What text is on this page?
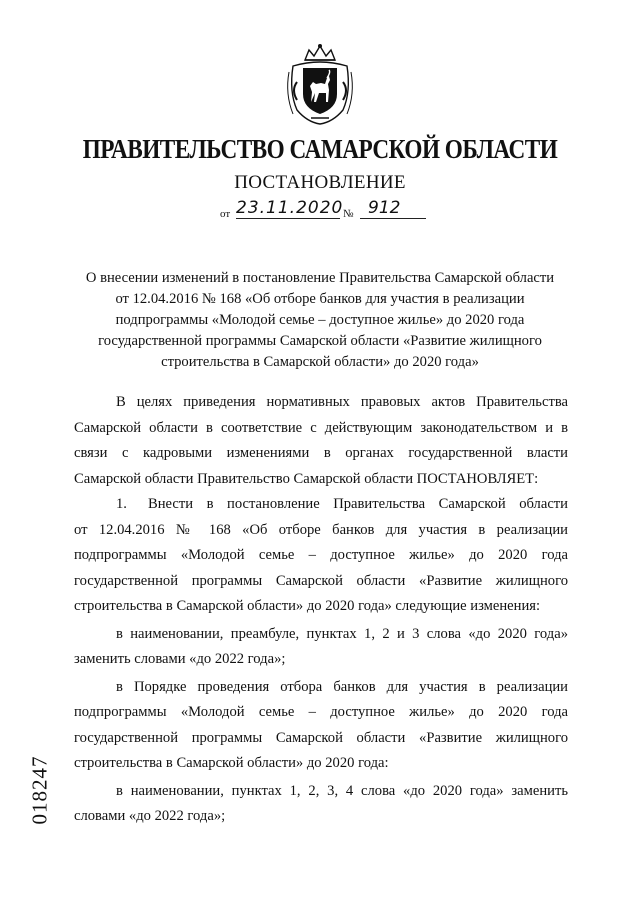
ПРАВИТЕЛЬСТВО САМАРСКОЙ ОБЛАСТИ
ПОСТАНОВЛЕНИЕ
от 23.11.2020 № 912
О внесении изменений в постановление Правительства Самарской области
от 12.04.2016 № 168 «Об отборе банков для участия в реализации
подпрограммы «Молодой семье – доступное жилье» до 2020 года
государственной программы Самарской области «Развитие жилищного
строительства в Самарской области» до 2020 года»
В целях приведения нормативных правовых актов Правительства
Самарской области в соответствие с действующим законодательством и в
связи с кадровыми изменениями в органах государственной власти
Самарской области Правительство Самарской области ПОСТАНОВЛЯЕТ:
1. Внести в постановление Правительства Самарской области
от 12.04.2016 № 168 «Об отборе банков для участия в реализации
подпрограммы «Молодой семье – доступное жилье» до 2020 года
государственной программы Самарской области «Развитие жилищного
строительства в Самарской области» до 2020 года» следующие изменения:
в наименовании, преамбуле, пунктах 1, 2 и 3 слова «до 2020 года»
заменить словами «до 2022 года»;
в Порядке проведения отбора банков для участия в реализации
подпрограммы «Молодой семье – доступное жилье» до 2020 года
государственной программы Самарской области «Развитие жилищного
строительства в Самарской области» до 2020 года:
в наименовании, пунктах 1, 2, 3, 4 слова «до 2020 года» заменить
словами «до 2022 года»;
018247
